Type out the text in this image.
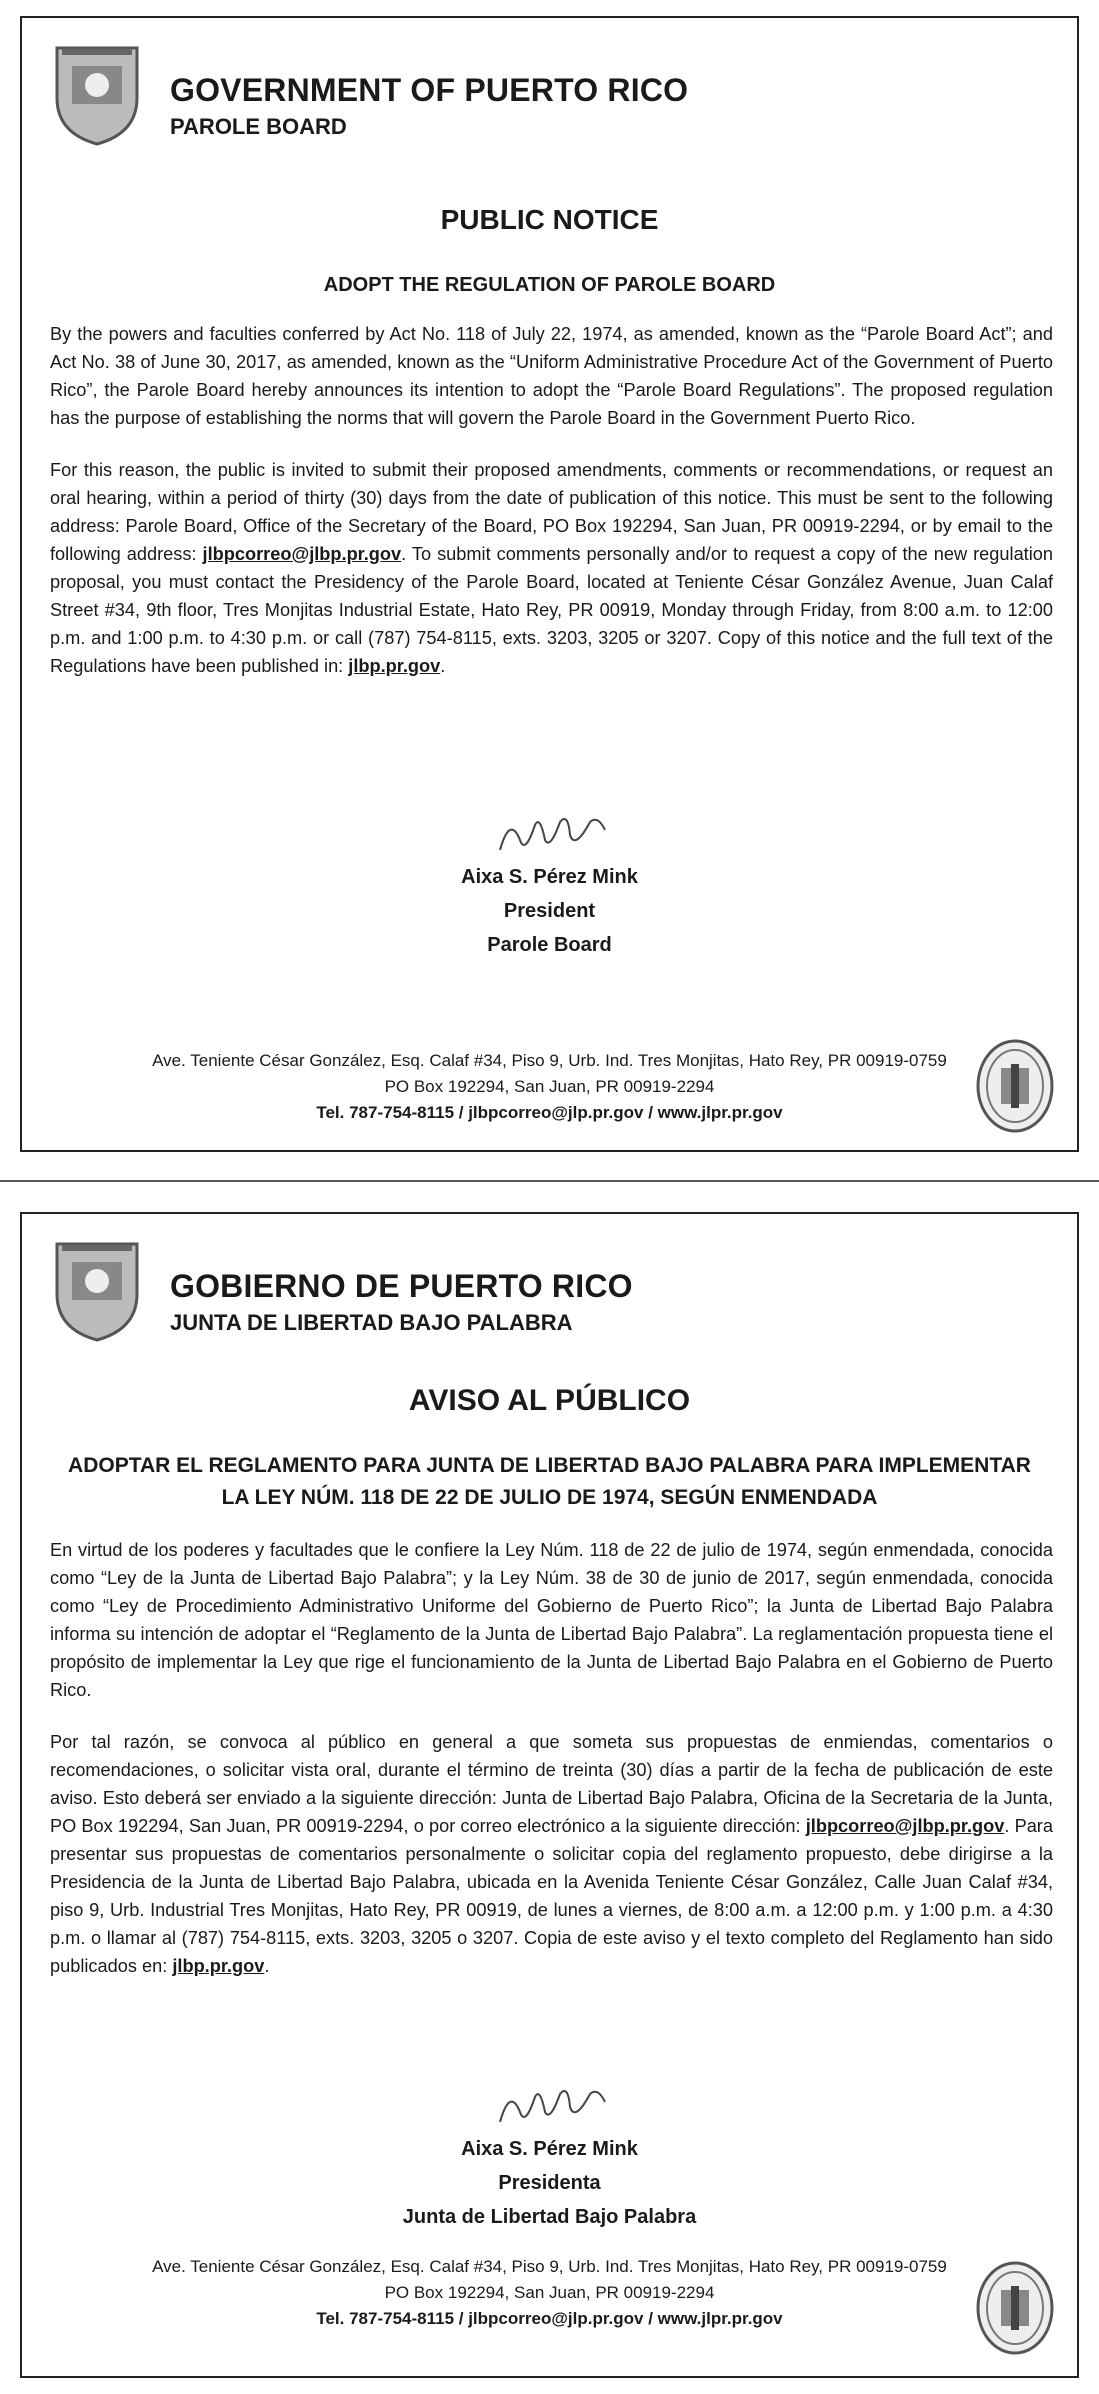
GOVERNMENT OF PUERTO RICO
PAROLE BOARD
PUBLIC NOTICE
ADOPT THE REGULATION OF PAROLE BOARD

By the powers and faculties conferred by Act No. 118 of July 22, 1974, as amended, known as the “Parole Board Act”; and Act No. 38 of June 30, 2017, as amended, known as the “Uniform Administrative Procedure Act of the Government of Puerto Rico”, the Parole Board hereby announces its intention to adopt the “Parole Board Regulations”. The proposed regulation has the purpose of establishing the norms that will govern the Parole Board in the Government Puerto Rico.

For this reason, the public is invited to submit their proposed amendments, comments or recommendations, or request an oral hearing, within a period of thirty (30) days from the date of publication of this notice. This must be sent to the following address: Parole Board, Office of the Secretary of the Board, PO Box 192294, San Juan, PR 00919-2294, or by email to the following address: jlbpcorreo@jlbp.pr.gov. To submit comments personally and/or to request a copy of the new regulation proposal, you must contact the Presidency of the Parole Board, located at Teniente César González Avenue, Juan Calaf Street #34, 9th floor, Tres Monjitas Industrial Estate, Hato Rey, PR 00919, Monday through Friday, from 8:00 a.m. to 12:00 p.m. and 1:00 p.m. to 4:30 p.m. or call (787) 754-8115, exts. 3203, 3205 or 3207. Copy of this notice and the full text of the Regulations have been published in: jlbp.pr.gov.

Aixa S. Pérez Mink
President
Parole Board
Ave. Teniente César González, Esq. Calaf #34, Piso 9, Urb. Ind. Tres Monjitas, Hato Rey, PR 00919-0759
PO Box 192294, San Juan, PR 00919-2294
Tel. 787-754-8115 / jlbpcorreo@jlp.pr.gov / www.jlpr.pr.gov
GOBIERNO DE PUERTO RICO
JUNTA DE LIBERTAD BAJO PALABRA
AVISO AL PÚBLICO
ADOPTAR EL REGLAMENTO PARA JUNTA DE LIBERTAD BAJO PALABRA PARA IMPLEMENTAR LA LEY NÚM. 118 DE 22 DE JULIO DE 1974, SEGÚN ENMENDADA

En virtud de los poderes y facultades que le confiere la Ley Núm. 118 de 22 de julio de 1974, según enmendada, conocida como “Ley de la Junta de Libertad Bajo Palabra”; y la Ley Núm. 38 de 30 de junio de 2017, según enmendada, conocida como “Ley de Procedimiento Administrativo Uniforme del Gobierno de Puerto Rico”; la Junta de Libertad Bajo Palabra informa su intención de adoptar el “Reglamento de la Junta de Libertad Bajo Palabra”. La reglamentación propuesta tiene el propósito de implementar la Ley que rige el funcionamiento de la Junta de Libertad Bajo Palabra en el Gobierno de Puerto Rico.

Por tal razón, se convoca al público en general a que someta sus propuestas de enmiendas, comentarios o recomendaciones, o solicitar vista oral, durante el término de treinta (30) días a partir de la fecha de publicación de este aviso. Esto deberá ser enviado a la siguiente dirección: Junta de Libertad Bajo Palabra, Oficina de la Secretaria de la Junta, PO Box 192294, San Juan, PR 00919-2294, o por correo electrónico a la siguiente dirección: jlbpcorreo@jlbp.pr.gov. Para presentar sus propuestas de comentarios personalmente o solicitar copia del reglamento propuesto, debe dirigirse a la Presidencia de la Junta de Libertad Bajo Palabra, ubicada en la Avenida Teniente César González, Calle Juan Calaf #34, piso 9, Urb. Industrial Tres Monjitas, Hato Rey, PR 00919, de lunes a viernes, de 8:00 a.m. a 12:00 p.m. y 1:00 p.m. a 4:30 p.m. o llamar al (787) 754-8115, exts. 3203, 3205 o 3207. Copia de este aviso y el texto completo del Reglamento han sido publicados en: jlbp.pr.gov.

Aixa S. Pérez Mink
Presidenta
Junta de Libertad Bajo Palabra
Ave. Teniente César González, Esq. Calaf #34, Piso 9, Urb. Ind. Tres Monjitas, Hato Rey, PR 00919-0759
PO Box 192294, San Juan, PR 00919-2294
Tel. 787-754-8115 / jlbpcorreo@jlp.pr.gov / www.jlpr.pr.gov
